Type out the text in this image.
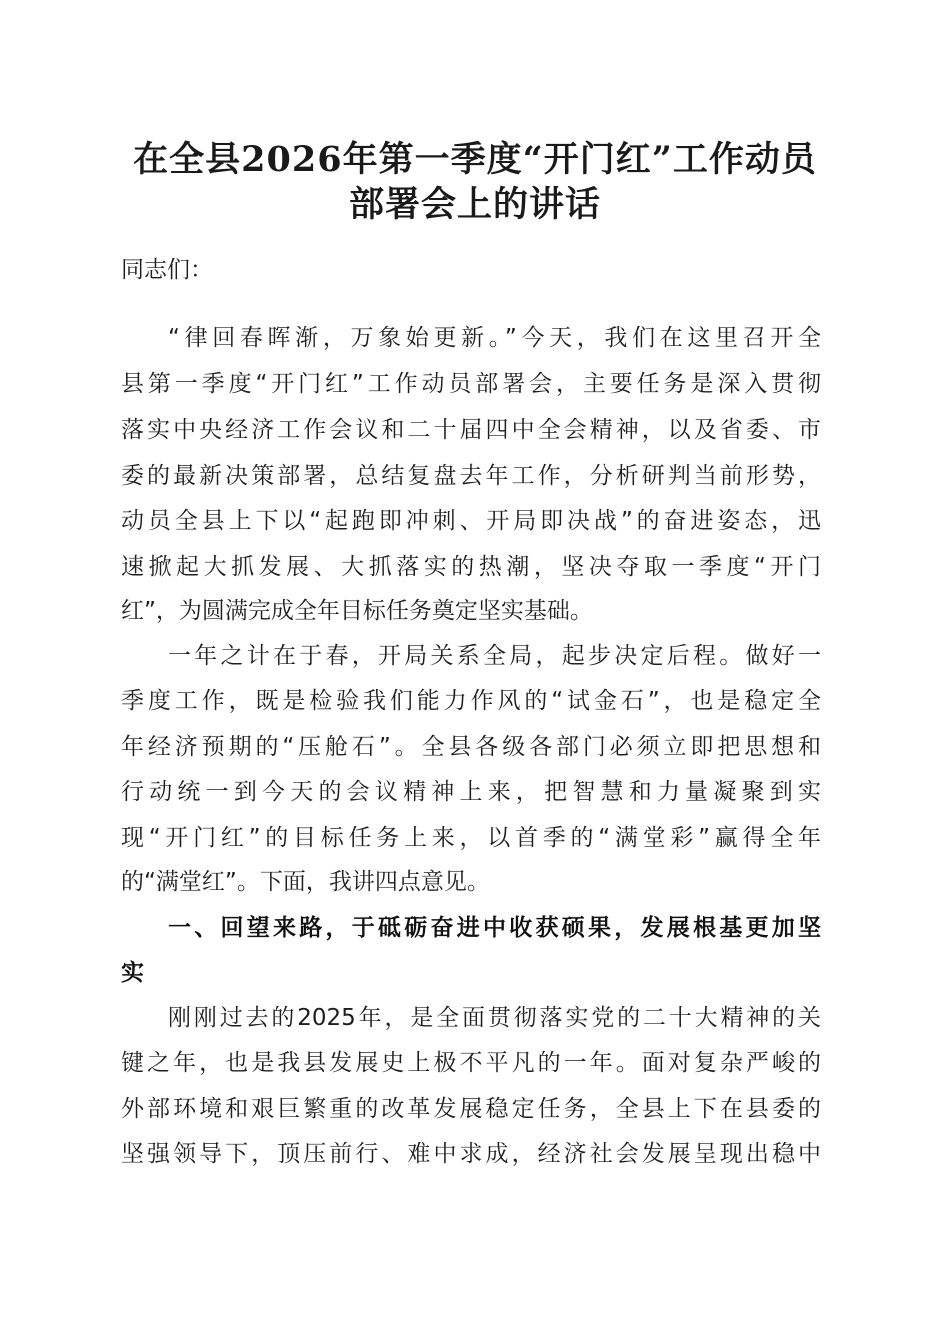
在全县2026年第一季度“开门红”工作动员
部署会上的讲话

同志们：

“律回春晖渐，万象始更新。”今天，我们在这里召开全

县第一季度“开门红”工作动员部署会，主要任务是深入贯彻

落实中央经济工作会议和二十届四中全会精神，以及省委、市

委的最新决策部署，总结复盘去年工作，分析研判当前形势，

动员全县上下以“起跑即冲刺、开局即决战”的奋进姿态，迅

速掀起大抓发展、大抓落实的热潮，坚决夺取一季度“开门

红”，为圆满完成全年目标任务奠定坚实基础。

一年之计在于春，开局关系全局，起步决定后程。做好一

季度工作，既是检验我们能力作风的“试金石”，也是稳定全

年经济预期的“压舱石”。全县各级各部门必须立即把思想和

行动统一到今天的会议精神上来，把智慧和力量凝聚到实

现“开门红”的目标任务上来，以首季的“满堂彩”赢得全年

的“满堂红”。下面，我讲四点意见。

一、回望来路，于砥砺奋进中收获硕果，发展根基更加坚

实

刚刚过去的2025年，是全面贯彻落实党的二十大精神的关

键之年，也是我县发展史上极不平凡的一年。面对复杂严峻的

外部环境和艰巨繁重的改革发展稳定任务，全县上下在县委的

坚强领导下，顶压前行、难中求成，经济社会发展呈现出稳中
